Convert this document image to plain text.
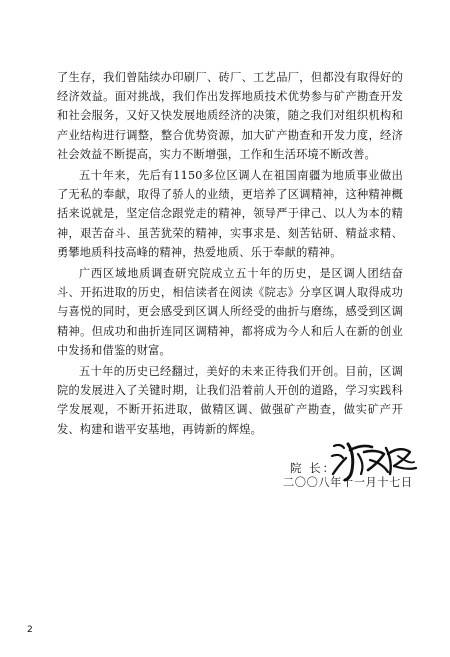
了生存，我们曾陆续办印刷厂、砖厂、工艺品厂，但都没有取得好的经济效益。面对挑战，我们作出发挥地质技术优势参与矿产勘查开发和社会服务，又好又快发展地质经济的决策，随之我们对组织机构和产业结构进行调整，整合优势资源，加大矿产勘查和开发力度，经济社会效益不断提高，实力不断增强，工作和生活环境不断改善。

五十年来，先后有1150多位区调人在祖国南疆为地质事业做出了无私的奉献，取得了骄人的业绩，更培养了区调精神，这种精神概括来说就是，坚定信念跟党走的精神，领导严于律己、以人为本的精神，艰苦奋斗、虽苦犹荣的精神，实事求是、刻苦钻研、精益求精、勇攀地质科技高峰的精神，热爱地质、乐于奉献的精神。

广西区域地质调查研究院成立五十年的历史，是区调人团结奋斗、开拓进取的历史，相信读者在阅读《院志》分享区调人取得成功与喜悦的同时，更会感受到区调人所经受的曲折与磨练，感受到区调精神。但成功和曲折连同区调精神，都将成为今人和后人在新的创业中发扬和借鉴的财富。

五十年的历史已经翻过，美好的未来正待我们开创。目前，区调院的发展进入了关键时期，让我们沿着前人开创的道路，学习实践科学发展观，不断开拓进取，做精区调、做强矿产勘查，做实矿产开发、构建和谐平安基地，再铸新的辉煌。

院 长：
二〇〇八年十一月十七日
2
